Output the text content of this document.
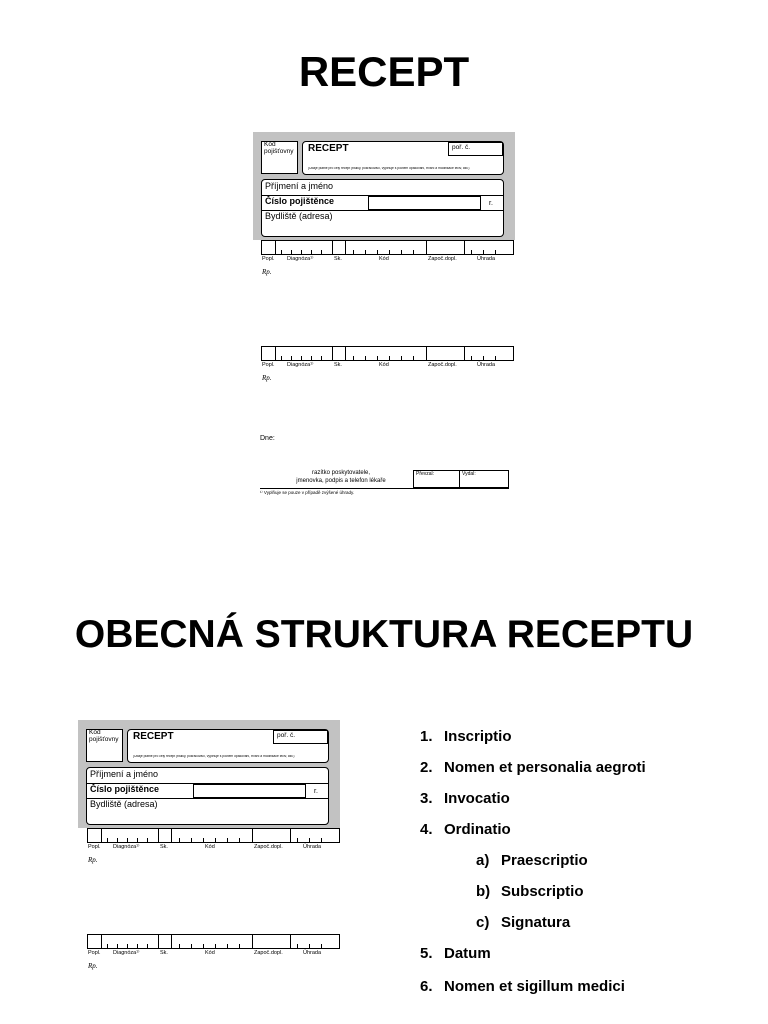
RECEPT
OBECNÁ STRUKTURA RECEPTU
Kód pojišťovny RECEPT	poř. č.
(Údaje platné pro celý recept (titulky, pokračovací, vyplňuje s počtem opakování, trvání a modifikace léčiv, atd.)
Příjmení a jméno
Číslo pojištěnce	r.
Bydliště (adresa)
Kód pojišťovny RECEPT	poř. č.
(Údaje platné pro celý recept (titulky, pokračovací, vyplňuje s počtem opakování, trvání a modifikace léčiv, atd.)
Příjmení a jméno
Číslo pojištěnce	r.
Bydliště (adresa)
Dne:
razítko poskytovatele,
jmenovka, podpis a telefon lékaře
Převzal:	Vydal:
¹⁾ Vyplňuje se pouze v případě zvýšené úhrady.
Popl. Diagnóza¹⁾	Sk.	Kód	Započ.dopl.	Úhrada
Rp.
Popl. Diagnóza¹⁾	Sk.	Kód	Započ.dopl.	Úhrada
Rp.
Popl. Diagnóza¹⁾	Sk.	Kód	Započ.dopl.	Úhrada
Rp.
Popl. Diagnóza¹⁾	Sk.	Kód	Započ.dopl.	Úhrada
Rp.
1. Inscriptio
2. Nomen et personalia aegroti
3. Invocatio
4. Ordinatio
a) Praescriptio
b) Subscriptio
c) Signatura
5. Datum
6. Nomen et sigillum medici
